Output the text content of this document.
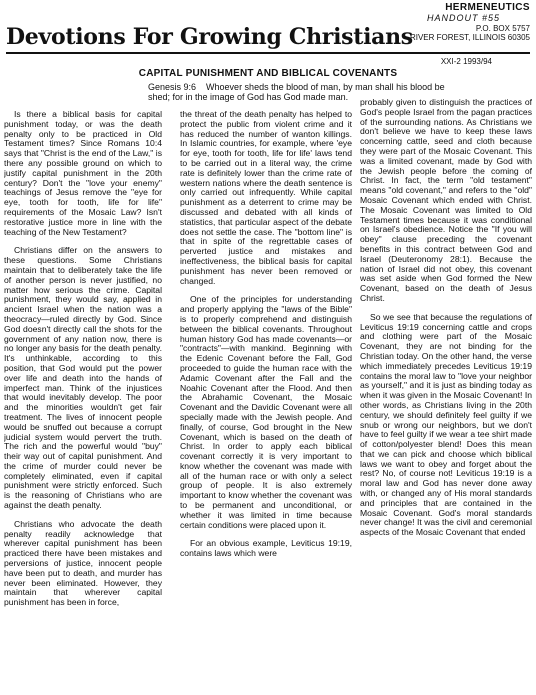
Devotions For Growing Christians
HERMENEUTICS
HANDOUT #55
P.O. BOX 5757
RIVER FOREST, ILLINOIS 60305
XXI-2 1993/94
CAPITAL PUNISHMENT AND BIBLICAL COVENANTS
Genesis 9:6 Whoever sheds the blood of man, by man shall his blood be shed; for in the image of God has God made man.

Is there a biblical basis for capital punishment today, or was the death penalty only to be practiced in Old Testament times? Since Romans 10:4 says that "Christ is the end of the Law," is there any possible ground on which to justify capital punishment in the 20th century? Don't the "love your enemy" teachings of Jesus remove the "eye for eye, tooth for tooth, life for life" requirements of the Mosaic Law? Isn't restorative justice more in line with the teaching of the New Testament?

Christians differ on the answers to these questions. Some Christians maintain that to deliberately take the life of another person is never justified, no matter how serious the crime. Capital punishment, they would say, applied in ancient Israel when the nation was a theocracy—ruled directly by God. Since God doesn't directly call the shots for the government of any nation now, there is no longer any basis for the death penalty. It's unthinkable, according to this position, that God would put the power over life and death into the hands of imperfect man. Think of the injustices that would inevitably develop. The poor and the minorities wouldn't get fair treatment. The lives of innocent people would be snuffed out because a corrupt judicial system would pervert the truth. The rich and the powerful would "buy" their way out of capital punishment. And the crime of murder could never be completely eliminated, even if capital punishment were strictly enforced. Such is the reasoning of Christians who are against the death penalty.

Christians who advocate the death penalty readily acknowledge that wherever capital punishment has been practiced there have been mistakes and perversions of justice, innocent people have been put to death, and murder has never been eliminated. However, they maintain that wherever capital punishment has been in force,

the threat of the death penalty has helped to protect the public from violent crime and it has reduced the number of wanton killings. In Islamic countries, for example, where 'eye for eye, tooth for tooth, life for life' laws tend to be carried out in a literal way, the crime rate is definitely lower than the crime rate of western nations where the death sentence is only carried out infrequently. While capital punishment as a deterrent to crime may be discussed and debated with all kinds of statistics, that particular aspect of the debate does not settle the case. The "bottom line" is that in spite of the regrettable cases of perverted justice and mistakes and ineffectiveness, the biblical basis for capital punishment has never been removed or changed.

One of the principles for understanding and properly applying the "laws of the Bible" is to properly comprehend and distinguish between the biblical covenants. Throughout human history God has made covenants—or "contracts"—with mankind. Beginning with the Edenic Covenant before the Fall, God proceeded to guide the human race with the Adamic Covenant after the Fall and the Noahic Covenant after the Flood. And then the Abrahamic Covenant, the Mosaic Covenant and the Davidic Covenant were all specially made with the Jewish people. And finally, of course, God brought in the New Covenant, which is based on the death of Christ. In order to apply each biblical covenant correctly it is very important to know whether the covenant was made with all of the human race or with only a select group of people. It is also extremely important to know whether the covenant was to be permanent and unconditional, or whether it was limited in time because certain conditions were placed upon it.

For an obvious example, Leviticus 19:19, contains laws which were

probably given to distinguish the practices of God's people Israel from the pagan practices of the surrounding nations. As Christians we don't believe we have to keep these laws concerning cattle, seed and cloth because they were part of the Mosaic Covenant. This was a limited covenant, made by God with the Jewish people before the coming of Christ. In fact, the term "old testament" means "old covenant," and refers to the "old" Mosaic Covenant which ended with Christ. The Mosaic Covenant was limited to Old Testament times because it was conditional on Israel's obedience. Notice the "If you will obey" clause preceding the covenant benefits in this contract between God and Israel (Deuteronomy 28:1). Because the nation of Israel did not obey, this covenant was set aside when God formed the New Covenant, based on the death of Jesus Christ.

So we see that because the regulations of Leviticus 19:19 concerning cattle and crops and clothing were part of the Mosaic Covenant, they are not binding for the Christian today. On the other hand, the verse which immediately precedes Leviticus 19:19 contains the moral law to "love your neighbor as yourself," and it is just as binding today as when it was given in the Mosaic Covenant! In other words, as Christians living in the 20th century, we should definitely feel guilty if we snub or wrong our neighbors, but we don't have to feel guilty if we wear a tee shirt made of cotton/polyester blend! Does this mean that we can pick and choose which biblical laws we want to obey and forget about the rest? No, of course not! Leviticus 19:19 is a moral law and God has never done away with, or changed any of His moral standards and principles that are contained in the Mosaic Covenant. God's moral standards never change! It was the civil and ceremonial aspects of the Mosaic Covenant that ended
